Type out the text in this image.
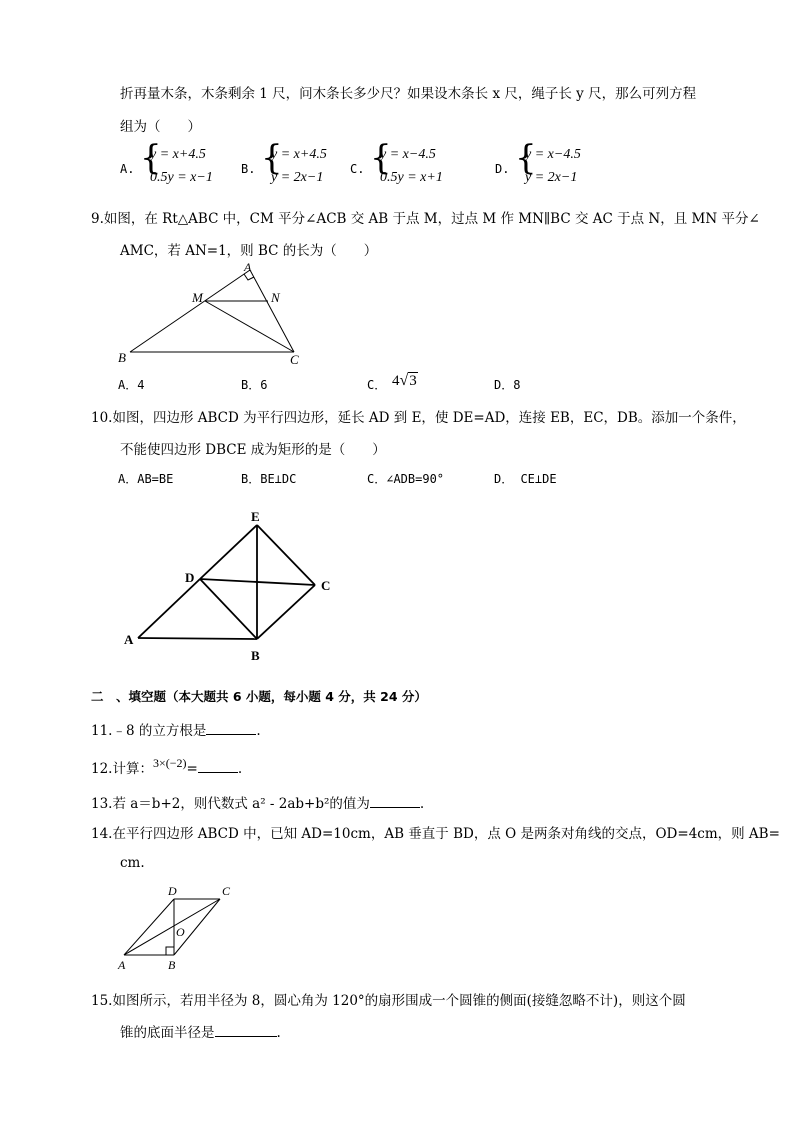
折再量木条，木条剩余 1 尺，问木条长多少尺？如果设木条长 x 尺，绳子长 y 尺，那么可列方程
组为（　　）
A. {
y = x+4.5
0.5y = x−1
B. {
y = x+4.5
y = 2x−1
C. {
y = x−4.5
0.5y = x+1
D. {
y = x−4.5
y = 2x−1
9.如图，在 Rt△ABC 中，CM 平分∠ACB 交 AB 于点 M，过点 M 作 MN∥BC 交 AC 于点 N，且 MN 平分∠
AMC，若 AN=1，则 BC 的长为（　　）
A
M	N
B	C
A．4	B．6	C． 4√3	D．8
10.如图，四边形 ABCD 为平行四边形，延长 AD 到 E，使 DE=AD，连接 EB，EC，DB。添加一个条件，
不能使四边形 DBCE 成为矩形的是（　　）
A．AB=BE	B．BE⊥DC	C．∠ADB=90°	D． CE⊥DE
E
D
C
A
B
二　、填空题（本大题共 6 小题，每小题 4 分，共 24 分）
11.﹣8 的立方根是	.
12.计算：3×(−2)=	.
13.若 a＝b+2，则代数式 a² - 2ab+b²的值为	.
14.在平行四边形 ABCD 中，已知 AD=10cm，AB 垂直于 BD，点 O 是两条对角线的交点，OD=4cm，则 AB=
cm.
D	C
O
A	B
15.如图所示，若用半径为 8，圆心角为 120°的扇形围成一个圆锥的侧面(接缝忽略不计)，则这个圆
锥的底面半径是	.
